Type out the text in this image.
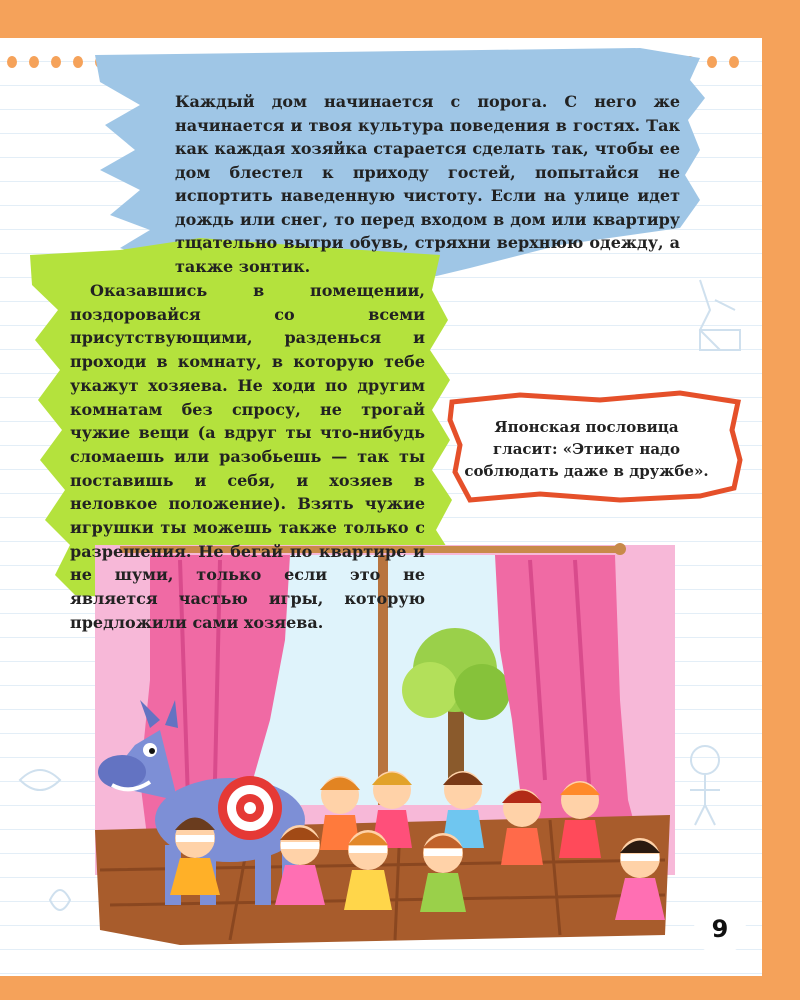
Каждый дом начинается с порога. С него же начинается и твоя культура поведения в гостях. Так как каждая хозяйка старается сделать так, чтобы ее дом блестел к приходу гостей, попытайся не испортить наведенную чистоту. Если на улице идет дождь или снег, то перед входом в дом или квартиру тщательно вытри обувь, стряхни верхнюю одежду, а также зонтик.

Оказавшись в помещении, поздоровайся со всеми присутствующими, разденься и проходи в комнату, в которую тебе укажут хозяева. Не ходи по другим комнатам без спросу, не трогай чужие вещи (а вдруг ты что-нибудь сломаешь или разобьешь — так ты поставишь и себя, и хозяев в неловкое положение). Взять чужие игрушки ты можешь также только с разрешения. Не бегай по квартире и не шуми, только если это не является частью игры, которую предложили сами хозяева.

Японская пословица гласит: «Этикет надо соблюдать даже в дружбе».

9
